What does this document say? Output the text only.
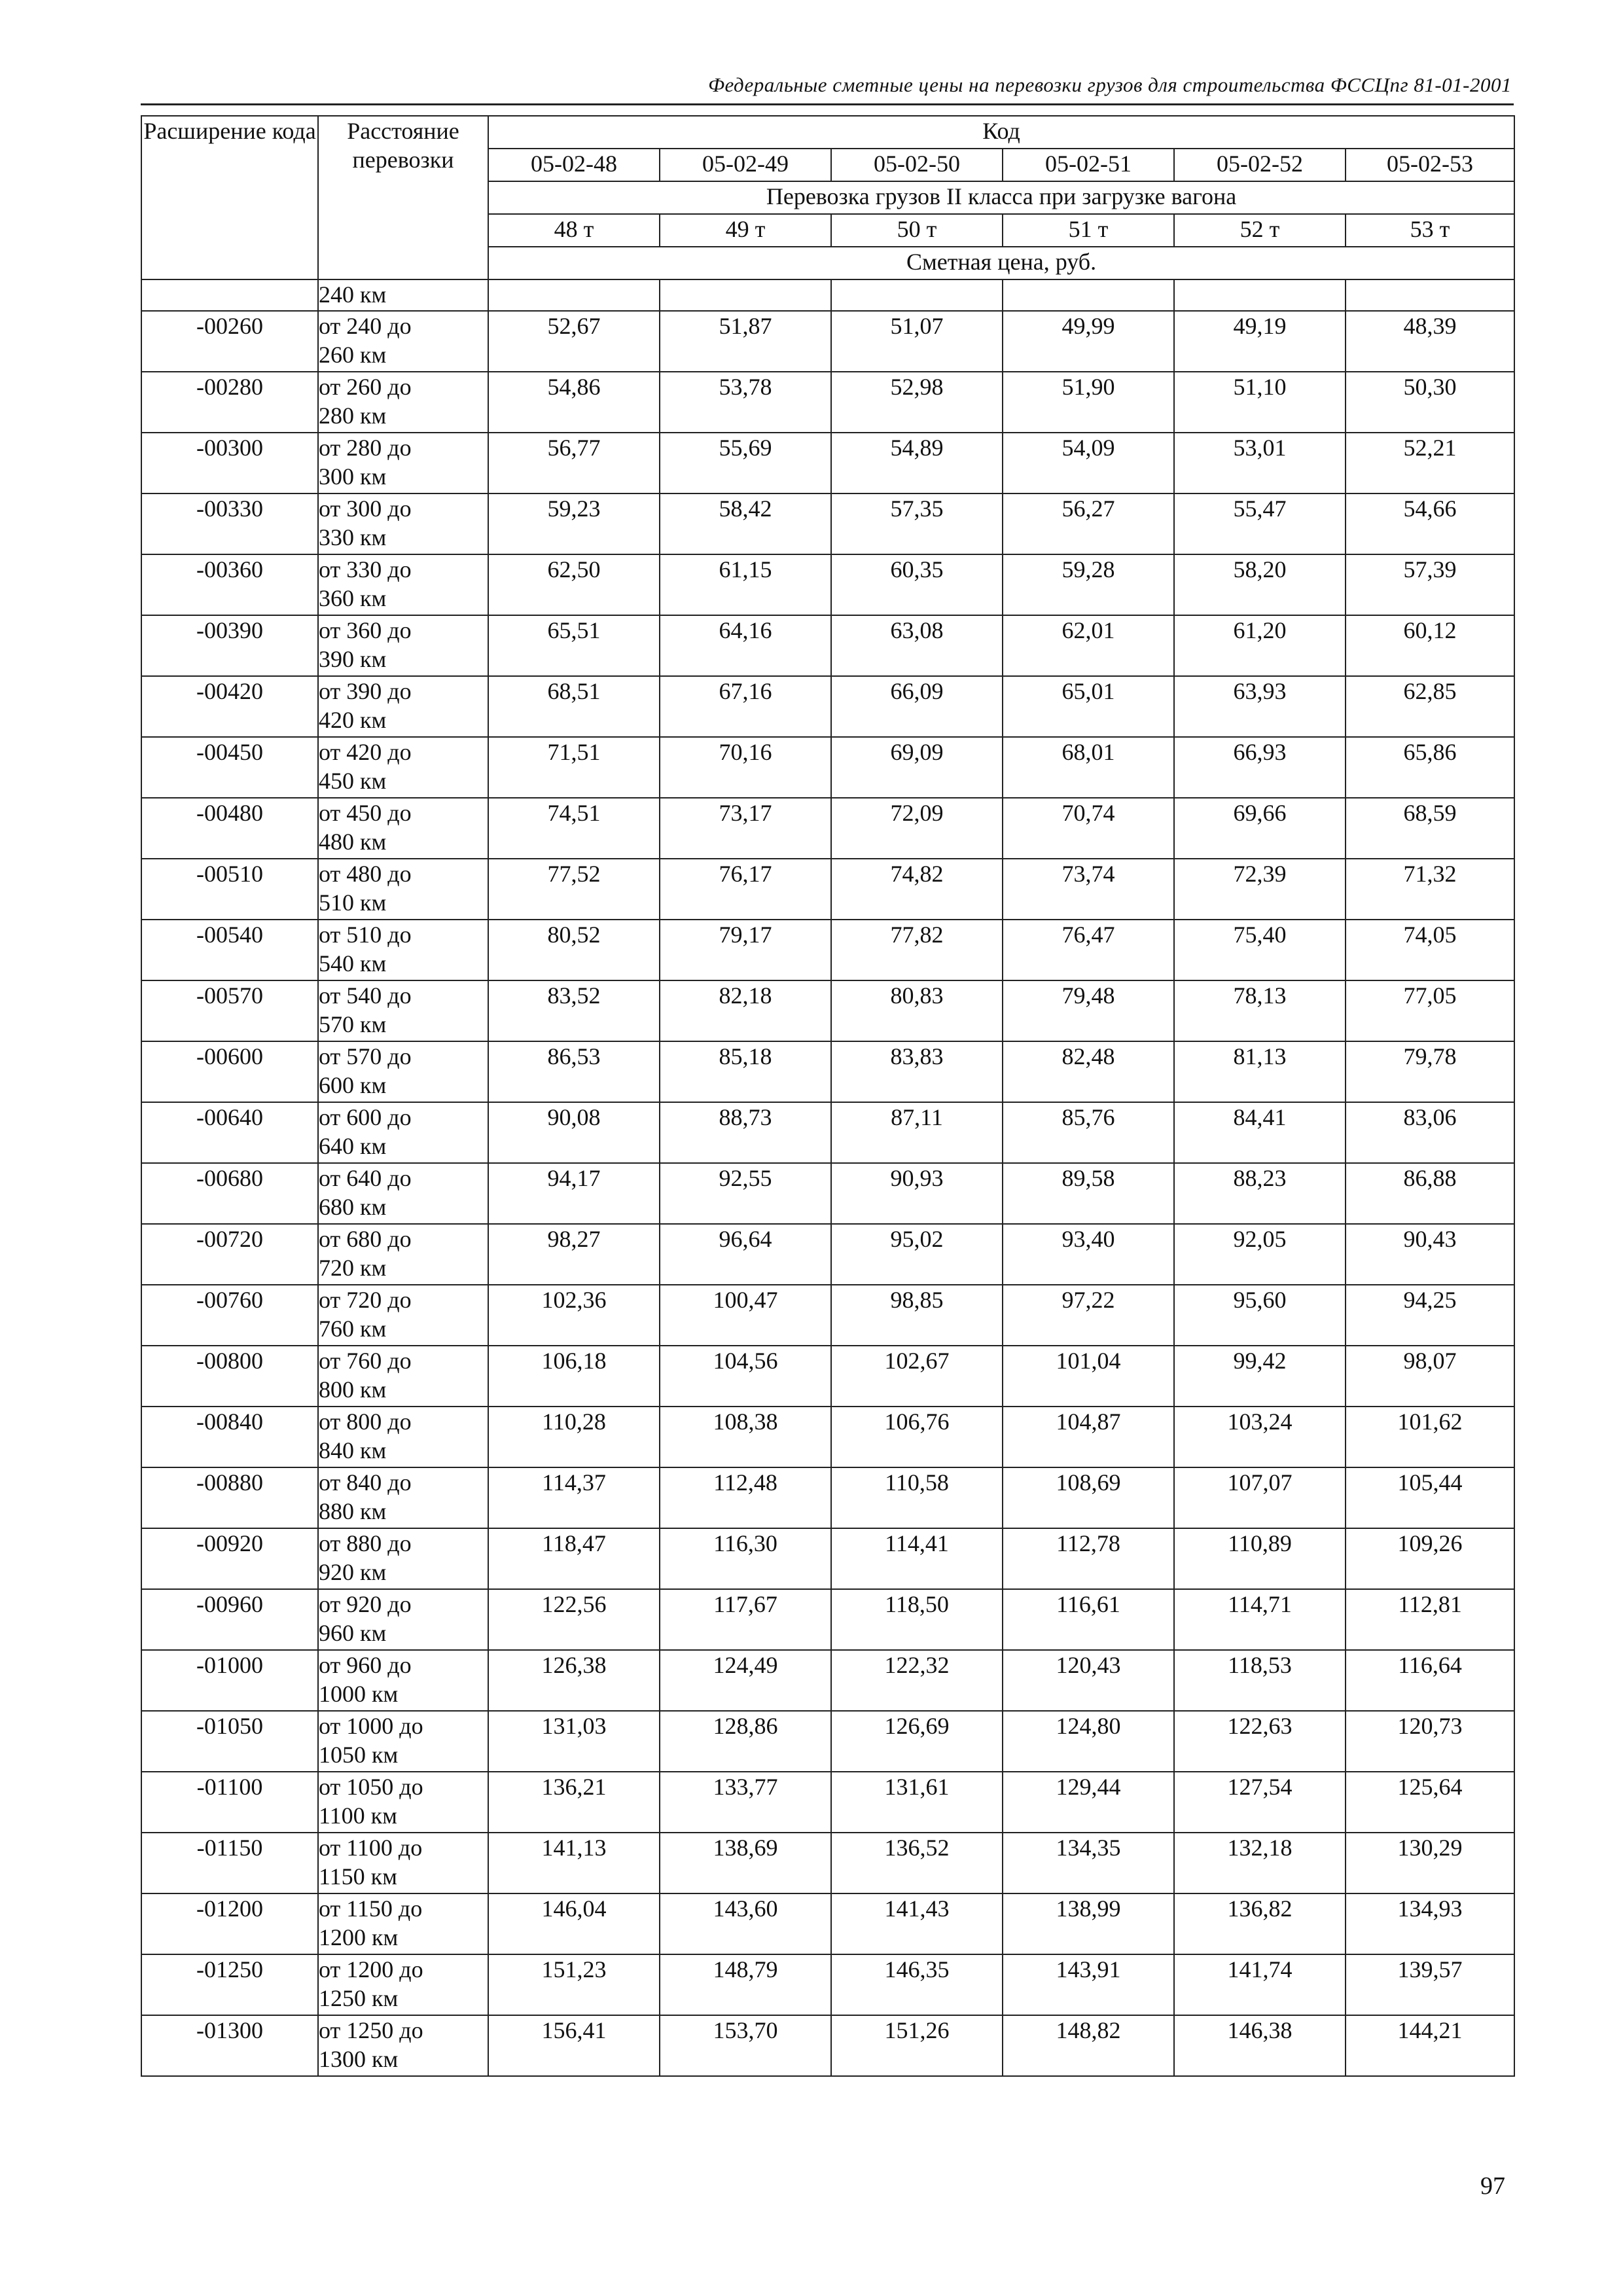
Федеральные сметные цены на перевозки грузов для строительства ФССЦпг 81-01-2001
Расширение кода	Расстояние перевозки	Код					
		05-02-48	05-02-49	05-02-50	05-02-51	05-02-52	05-02-53
		Перевозка грузов II класса при загрузке вагона					
		48 т	49 т	50 т	51 т	52 т	53 т
		Сметная цена, руб.					
	240 км						
-00260	от 240 до
260 км	52,67	51,87	51,07	49,99	49,19	48,39
-00280	от 260 до
280 км	54,86	53,78	52,98	51,90	51,10	50,30
-00300	от 280 до
300 км	56,77	55,69	54,89	54,09	53,01	52,21
-00330	от 300 до
330 км	59,23	58,42	57,35	56,27	55,47	54,66
-00360	от 330 до
360 км	62,50	61,15	60,35	59,28	58,20	57,39
-00390	от 360 до
390 км	65,51	64,16	63,08	62,01	61,20	60,12
-00420	от 390 до
420 км	68,51	67,16	66,09	65,01	63,93	62,85
-00450	от 420 до
450 км	71,51	70,16	69,09	68,01	66,93	65,86
-00480	от 450 до
480 км	74,51	73,17	72,09	70,74	69,66	68,59
-00510	от 480 до
510 км	77,52	76,17	74,82	73,74	72,39	71,32
-00540	от 510 до
540 км	80,52	79,17	77,82	76,47	75,40	74,05
-00570	от 540 до
570 км	83,52	82,18	80,83	79,48	78,13	77,05
-00600	от 570 до
600 км	86,53	85,18	83,83	82,48	81,13	79,78
-00640	от 600 до
640 км	90,08	88,73	87,11	85,76	84,41	83,06
-00680	от 640 до
680 км	94,17	92,55	90,93	89,58	88,23	86,88
-00720	от 680 до
720 км	98,27	96,64	95,02	93,40	92,05	90,43
-00760	от 720 до
760 км	102,36	100,47	98,85	97,22	95,60	94,25
-00800	от 760 до
800 км	106,18	104,56	102,67	101,04	99,42	98,07
-00840	от 800 до
840 км	110,28	108,38	106,76	104,87	103,24	101,62
-00880	от 840 до
880 км	114,37	112,48	110,58	108,69	107,07	105,44
-00920	от 880 до
920 км	118,47	116,30	114,41	112,78	110,89	109,26
-00960	от 920 до
960 км	122,56	117,67	118,50	116,61	114,71	112,81
-01000	от 960 до
1000 км	126,38	124,49	122,32	120,43	118,53	116,64
-01050	от 1000 до
1050 км	131,03	128,86	126,69	124,80	122,63	120,73
-01100	от 1050 до
1100 км	136,21	133,77	131,61	129,44	127,54	125,64
-01150	от 1100 до
1150 км	141,13	138,69	136,52	134,35	132,18	130,29
-01200	от 1150 до
1200 км	146,04	143,60	141,43	138,99	136,82	134,93
-01250	от 1200 до
1250 км	151,23	148,79	146,35	143,91	141,74	139,57
-01300	от 1250 до
1300 км	156,41	153,70	151,26	148,82	146,38	144,21
97
